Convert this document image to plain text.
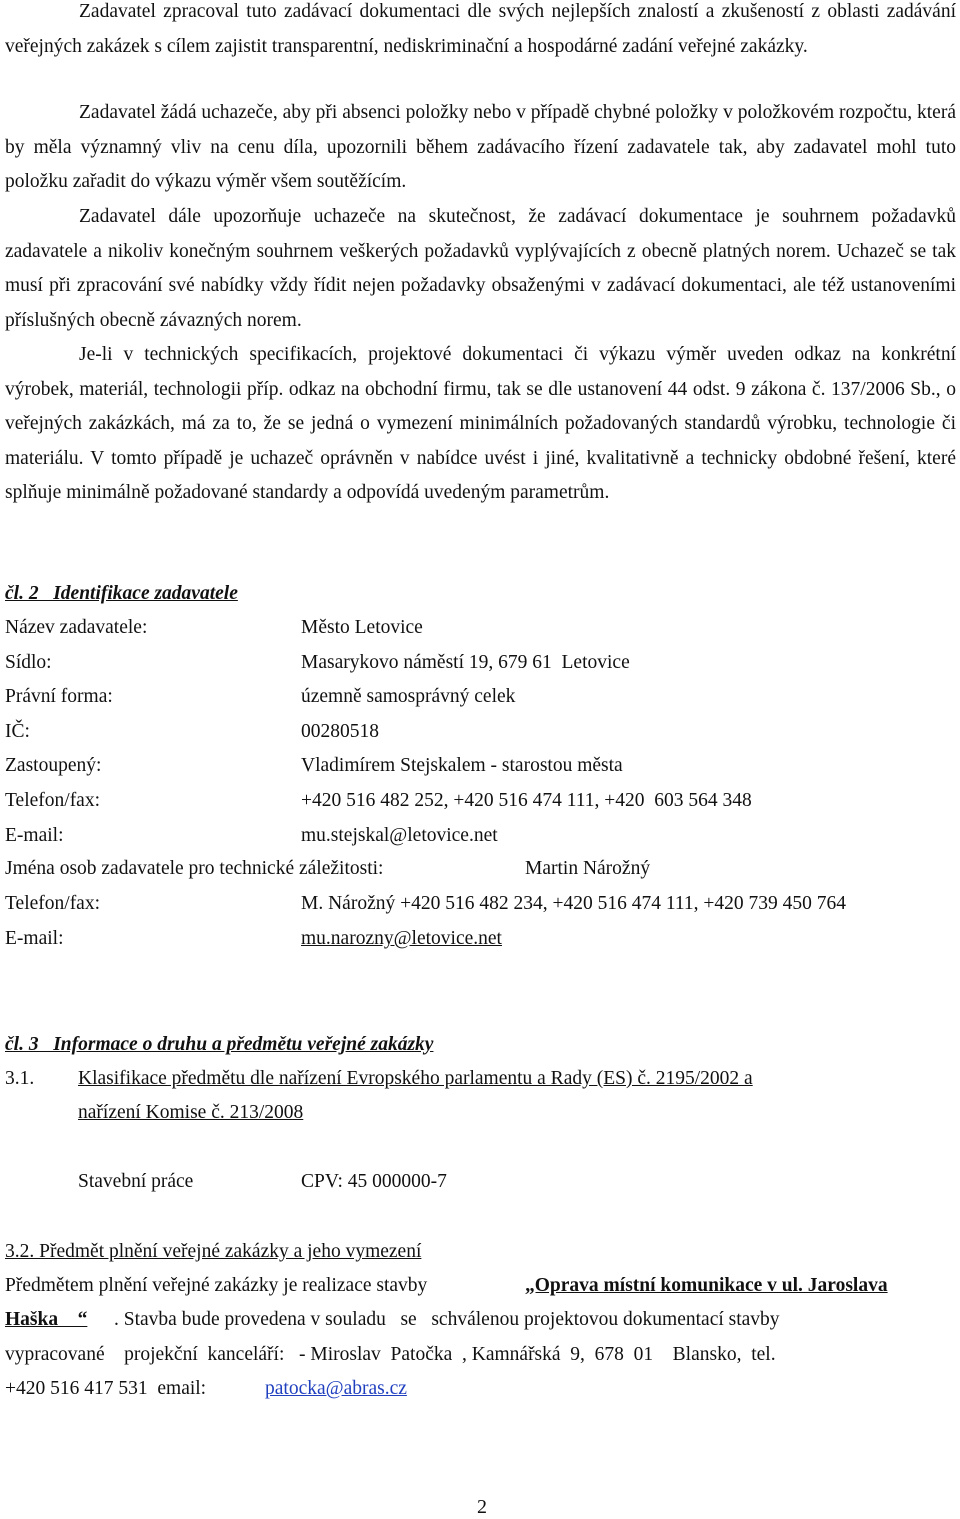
Zadavatel zpracoval tuto zadávací dokumentaci dle svých nejlepších znalostí a zkušeností z oblasti zadávání veřejných zakázek s cílem zajistit transparentní, nediskriminační a hospodárné zadání veřejné zakázky.

Zadavatel žádá uchazeče, aby při absenci položky nebo v případě chybné položky v položkovém rozpočtu, která by měla významný vliv na cenu díla, upozornili během zadávacího řízení zadavatele tak, aby zadavatel mohl tuto položku zařadit do výkazu výměr všem soutěžícím.

Zadavatel dále upozorňuje uchazeče na skutečnost, že zadávací dokumentace je souhrnem požadavků zadavatele a nikoliv konečným souhrnem veškerých požadavků vyplývajících z obecně platných norem. Uchazeč se tak musí při zpracování své nabídky vždy řídit nejen požadavky obsaženými v zadávací dokumentaci, ale též ustanoveními příslušných obecně závazných norem.

Je-li v technických specifikacích, projektové dokumentaci či výkazu výměr uveden odkaz na konkrétní výrobek, materiál, technologii příp. odkaz na obchodní firmu, tak se dle ustanovení 44 odst. 9 zákona č. 137/2006 Sb., o veřejných zakázkách, má za to, že se jedná o vymezení minimálních požadovaných standardů výrobku, technologie či materiálu. V tomto případě je uchazeč oprávněn v nabídce uvést i jiné, kvalitativně a technicky obdobné řešení, které splňuje minimálně požadované standardy a odpovídá uvedeným parametrům.

čl. 2   Identifikace zadavatele
Název zadavatele:	Město Letovice
Sídlo:	Masarykovo náměstí 19, 679 61  Letovice
Právní forma:	územně samosprávný celek
IČ:	00280518
Zastoupený:	Vladimírem Stejskalem - starostou města
Telefon/fax:	+420 516 482 252, +420 516 474 111, +420  603 564 348
E-mail:	mu.stejskal@letovice.net
Jména osob zadavatele pro technické záležitosti:	Martin Nárožný
Telefon/fax:	M. Nárožný +420 516 482 234, +420 516 474 111, +420 739 450 764
E-mail:	mu.narozny@letovice.net
čl. 3   Informace o druhu a předmětu veřejné zakázky
3.1. Klasifikace předmětu dle nařízení Evropského parlamentu a Rady (ES) č. 2195/2002 a
nařízení Komise č. 213/2008
Stavební práce	CPV: 45 000000-7
3.2. Předmět plnění veřejné zakázky a jeho vymezení
Předmětem plnění veřejné zakázky je realizace stavby	„Oprava místní komunikace v ul. Jaroslava
Haška    “ . Stavba bude provedena v souladu   se   schválenou projektovou dokumentací stavby
vypracované    projekční  kanceláří:   - Miroslav  Patočka  , Kamnářská  9,  678  01    Blansko,  tel.
+420 516 417 531  email:	patocka@abras.cz
2
